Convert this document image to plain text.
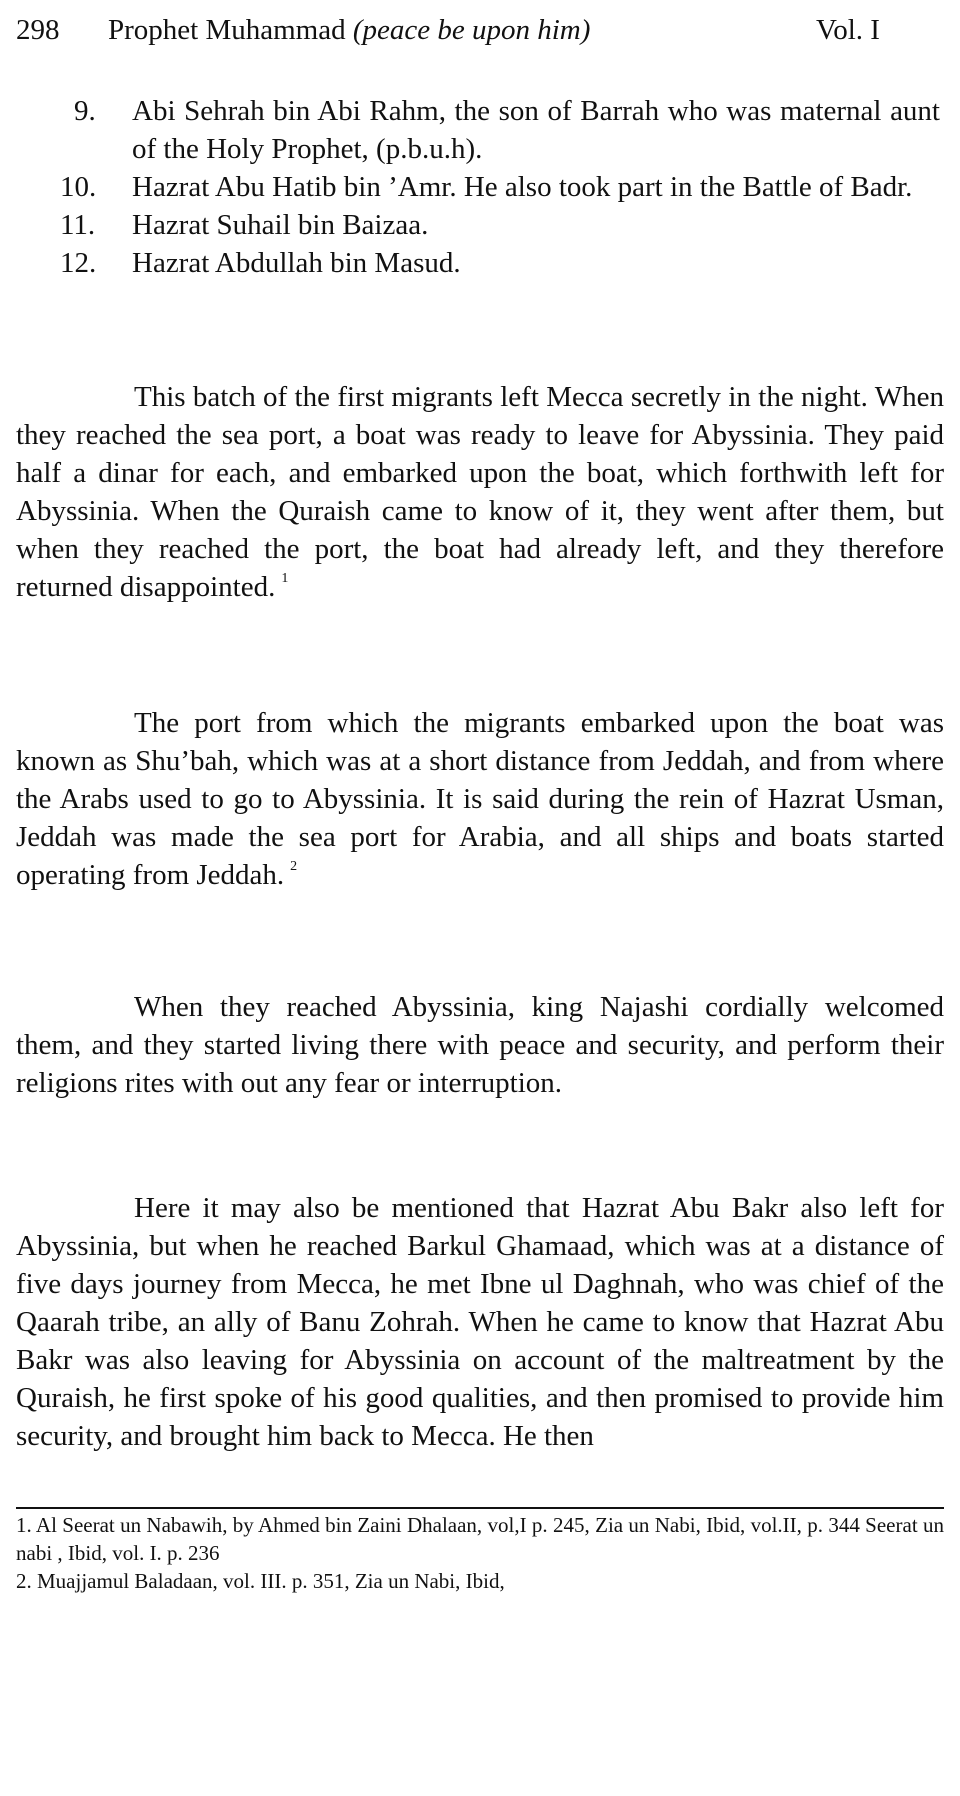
298 Prophet Muhammad (peace be upon him)	Vol. I
9. Abi Sehrah bin Abi Rahm, the son of Barrah who was maternal aunt of the Holy Prophet, (p.b.u.h).
10. Hazrat Abu Hatib bin ’Amr. He also took part in the Battle of Badr.
11. Hazrat Suhail bin Baizaa.
12. Hazrat Abdullah bin Masud.

This batch of the first migrants left Mecca secretly in the night. When they reached the sea port, a boat was ready to leave for Abyssinia. They paid half a dinar for each, and embarked upon the boat, which forthwith left for Abyssinia. When the Quraish came to know of it, they went after them, but when they reached the port, the boat had already left, and they therefore returned disappointed. $^1$

The port from which the migrants embarked upon the boat was known as Shu’bah, which was at a short distance from Jeddah, and from where the Arabs used to go to Abyssinia. It is said during the rein of Hazrat Usman, Jeddah was made the sea port for Arabia, and all ships and boats started operating from Jeddah. $^2$

When they reached Abyssinia, king Najashi cordially welcomed them, and they started living there with peace and security, and perform their religions rites with out any fear or interruption.

Here it may also be mentioned that Hazrat Abu Bakr also left for Abyssinia, but when he reached Barkul Ghamaad, which was at a distance of five days journey from Mecca, he met Ibne ul Daghnah, who was chief of the Qaarah tribe, an ally of Banu Zohrah. When he came to know that Hazrat Abu Bakr was also leaving for Abyssinia on account of the maltreatment by the Quraish, he first spoke of his good qualities, and then promised to provide him security, and brought him back to Mecca. He then

1. Al Seerat un Nabawih, by Ahmed bin Zaini Dhalaan, vol,I p. 245, Zia un Nabi, Ibid, vol.II, p. 344 Seerat un nabi , Ibid, vol. I. p. 236

2. Muajjamul Baladaan, vol. III. p. 351, Zia un Nabi, Ibid,
